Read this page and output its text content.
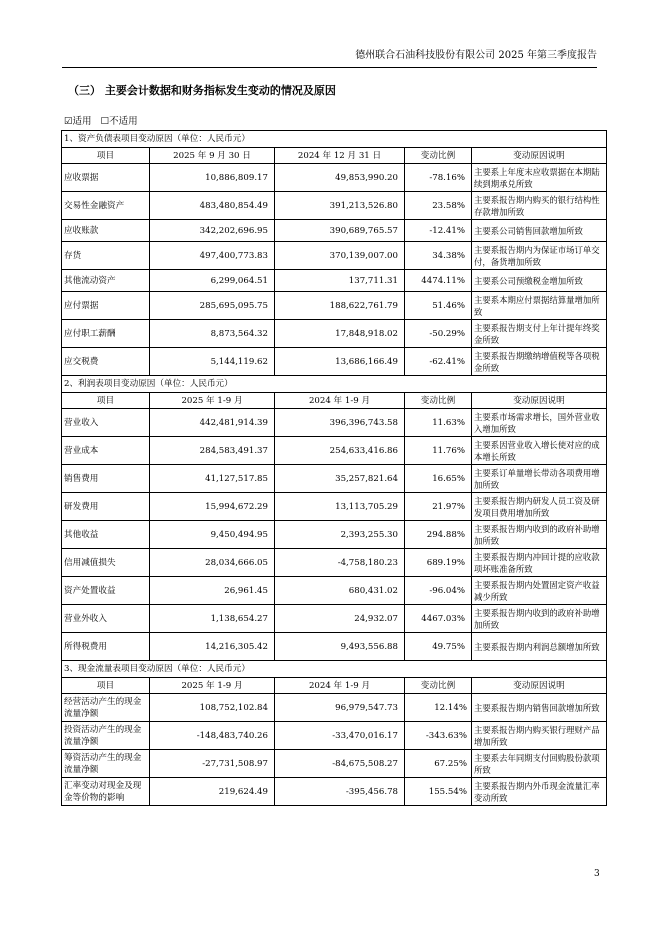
德州联合石油科技股份有限公司 2025 年第三季度报告
（三） 主要会计数据和财务指标发生变动的情况及原因
☑适用 ☐不适用
1、资产负债表项目变动原因（单位：人民币元）				
项目	2025 年 9 月 30 日	2024 年 12 月 31 日	变动比例	变动原因说明
应收票据	10,886,809.17	49,853,990.20	-78.16%	主要系上年度末应收票据在本期陆续到期承兑所致
交易性金融资产	483,480,854.49	391,213,526.80	23.58%	主要系报告期内购买的银行结构性存款增加所致
应收账款	342,202,696.95	390,689,765.57	-12.41%	主要系公司销售回款增加所致
存货	497,400,773.83	370,139,007.00	34.38%	主要系报告期内为保证市场订单交付，备货增加所致
其他流动资产	6,299,064.51	137,711.31	4474.11%	主要系公司预缴税金增加所致
应付票据	285,695,095.75	188,622,761.79	51.46%	主要系本期应付票据结算量增加所致
应付职工薪酬	8,873,564.32	17,848,918.02	-50.29%	主要系报告期支付上年计提年终奖金所致
应交税费	5,144,119.62	13,686,166.49	-62.41%	主要系报告期缴纳增值税等各项税金所致
2、利润表项目变动原因（单位：人民币元）				
项目	2025 年 1-9 月	2024 年 1-9 月	变动比例	变动原因说明
营业收入	442,481,914.39	396,396,743.58	11.63%	主要系市场需求增长，国外营业收入增加所致
营业成本	284,583,491.37	254,633,416.86	11.76%	主要系因营业收入增长使对应的成本增长所致
销售费用	41,127,517.85	35,257,821.64	16.65%	主要系订单量增长带动各项费用增加所致
研发费用	15,994,672.29	13,113,705.29	21.97%	主要系报告期内研发人员工资及研发项目费用增加所致
其他收益	9,450,494.95	2,393,255.30	294.88%	主要系报告期内收到的政府补助增加所致
信用减值损失	28,034,666.05	-4,758,180.23	689.19%	主要系报告期内冲回计提的应收款项坏账准备所致
资产处置收益	26,961.45	680,431.02	-96.04%	主要系报告期内处置固定资产收益减少所致
营业外收入	1,138,654.27	24,932.07	4467.03%	主要系报告期内收到的政府补助增加所致
所得税费用	14,216,305.42	9,493,556.88	49.75%	主要系报告期内利润总额增加所致
3、现金流量表项目变动原因（单位：人民币元）				
项目	2025 年 1-9 月	2024 年 1-9 月	变动比例	变动原因说明
经营活动产生的现金流量净额	108,752,102.84	96,979,547.73	12.14%	主要系报告期内销售回款增加所致
投资活动产生的现金流量净额	-148,483,740.26	-33,470,016.17	-343.63%	主要系报告期内购买银行理财产品增加所致
筹资活动产生的现金流量净额	-27,731,508.97	-84,675,508.27	67.25%	主要系去年同期支付回购股份款项所致
汇率变动对现金及现金等价物的影响	219,624.49	-395,456.78	155.54%	主要系报告期内外币现金流量汇率变动所致
3
